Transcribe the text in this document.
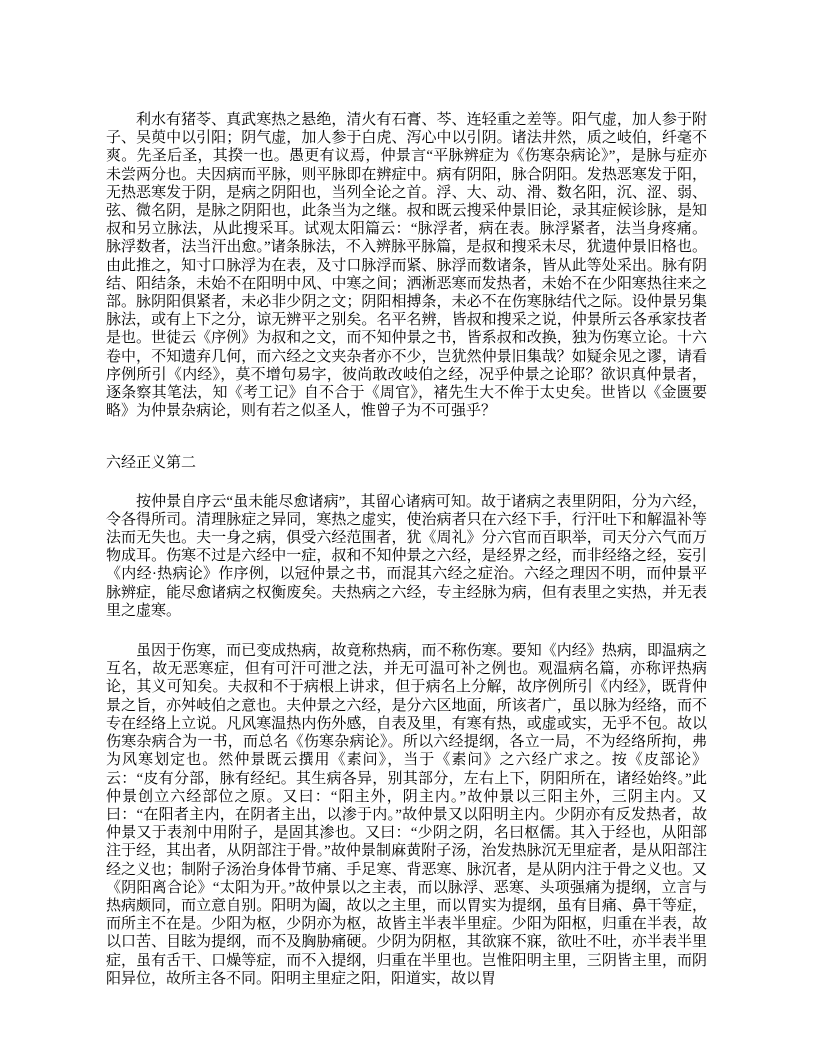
利水有猪苓、真武寒热之悬绝，清火有石膏、芩、连轻重之差等。阳气虚，加人参于附子、吴萸中以引阳；阴气虚，加人参于白虎、泻心中以引阴。诸法井然，质之岐伯，纤毫不爽。先圣后圣，其揆一也。愚更有议焉，仲景言“平脉辨症为《伤寒杂病论》”，是脉与症亦未尝两分也。夫因病而平脉，则平脉即在辨症中。病有阴阳，脉合阴阳。发热恶寒发于阳，无热恶寒发于阴，是病之阴阳也，当列全论之首。浮、大、动、滑、数名阳，沉、涩、弱、弦、微名阴，是脉之阴阳也，此条当为之继。叔和既云搜采仲景旧论，录其症候诊脉，是知叔和另立脉法，从此搜采耳。试观太阳篇云：“脉浮者，病在表。脉浮紧者，法当身疼痛。脉浮数者，法当汗出愈。”诸条脉法，不入辨脉平脉篇，是叔和搜采未尽，犹遗仲景旧格也。由此推之，知寸口脉浮为在表，及寸口脉浮而紧、脉浮而数诸条，皆从此等处采出。脉有阴结、阳结条，未始不在阳明中风、中寒之间；洒淅恶寒而发热者，未始不在少阳寒热往来之部。脉阴阳俱紧者，未必非少阴之文；阴阳相搏条，未必不在伤寒脉结代之际。设仲景另集脉法，或有上下之分，谅无辨平之别矣。名平名辨，皆叔和搜采之说，仲景所云各承家技者是也。世徒云《序例》为叔和之文，而不知仲景之书，皆系叔和改换，独为伤寒立论。十六卷中，不知遗弃几何，而六经之文夹杂者亦不少，岂犹然仲景旧集哉？如疑余见之谬，请看序例所引《内经》，莫不增句易字，彼尚敢改岐伯之经，况乎仲景之论耶？欲识真仲景者，逐条察其笔法，知《考工记》自不合于《周官》，褚先生大不侔于太史矣。世皆以《金匮要略》为仲景杂病论，则有若之似圣人，惟曾子为不可强乎？

六经正义第二

按仲景自序云“虽未能尽愈诸病”，其留心诸病可知。故于诸病之表里阴阳，分为六经，令各得所司。清理脉症之异同，寒热之虚实，使治病者只在六经下手，行汗吐下和解温补等法而无失也。夫一身之病，俱受六经范围者，犹《周礼》分六官而百职举，司天分六气而万物成耳。伤寒不过是六经中一症，叔和不知仲景之六经，是经界之经，而非经络之经，妄引《内经·热病论》作序例，以冠仲景之书，而混其六经之症治。六经之理因不明，而仲景平脉辨症，能尽愈诸病之权衡废矣。夫热病之六经，专主经脉为病，但有表里之实热，并无表里之虚寒。

虽因于伤寒，而已变成热病，故竟称热病，而不称伤寒。要知《内经》热病，即温病之互名，故无恶寒症，但有可汗可泄之法，并无可温可补之例也。观温病名篇，亦称评热病论，其义可知矣。夫叔和不于病根上讲求，但于病名上分解，故序例所引《内经》，既背仲景之旨，亦舛岐伯之意也。夫仲景之六经，是分六区地面，所该者广，虽以脉为经络，而不专在经络上立说。凡风寒温热内伤外感，自表及里，有寒有热，或虚或实，无乎不包。故以伤寒杂病合为一书，而总名《伤寒杂病论》。所以六经提纲，各立一局，不为经络所拘，弗为风寒划定也。然仲景既云撰用《素问》，当于《素问》之六经广求之。按《皮部论》云：“皮有分部，脉有经纪。其生病各异，别其部分，左右上下，阴阳所在，诸经始终。”此仲景创立六经部位之原。又曰：“阳主外，阴主内。”故仲景以三阳主外，三阴主内。又曰：“在阳者主内，在阴者主出，以渗于内。”故仲景又以阳明主内。少阴亦有反发热者，故仲景又于表剂中用附子，是固其渗也。又曰：“少阴之阴，名曰枢儒。其入于经也，从阳部注于经，其出者，从阴部注于骨。”故仲景制麻黄附子汤，治发热脉沉无里症者，是从阳部注经之义也；制附子汤治身体骨节痛、手足寒、背恶寒、脉沉者，是从阴内注于骨之义也。又《阴阳离合论》“太阳为开。”故仲景以之主表，而以脉浮、恶寒、头项强痛为提纲，立言与热病颇同，而立意自别。阳明为阖，故以之主里，而以胃实为提纲，虽有目痛、鼻干等症，而所主不在是。少阳为枢，少阴亦为枢，故皆主半表半里症。少阳为阳枢，归重在半表，故以口苦、目眩为提纲，而不及胸胁痛硬。少阴为阴枢，其欲寐不寐，欲吐不吐，亦半表半里症，虽有舌干、口燥等症，而不入提纲，归重在半里也。岂惟阳明主里，三阴皆主里，而阴阳异位，故所主各不同。阳明主里症之阳，阳道实，故以胃
